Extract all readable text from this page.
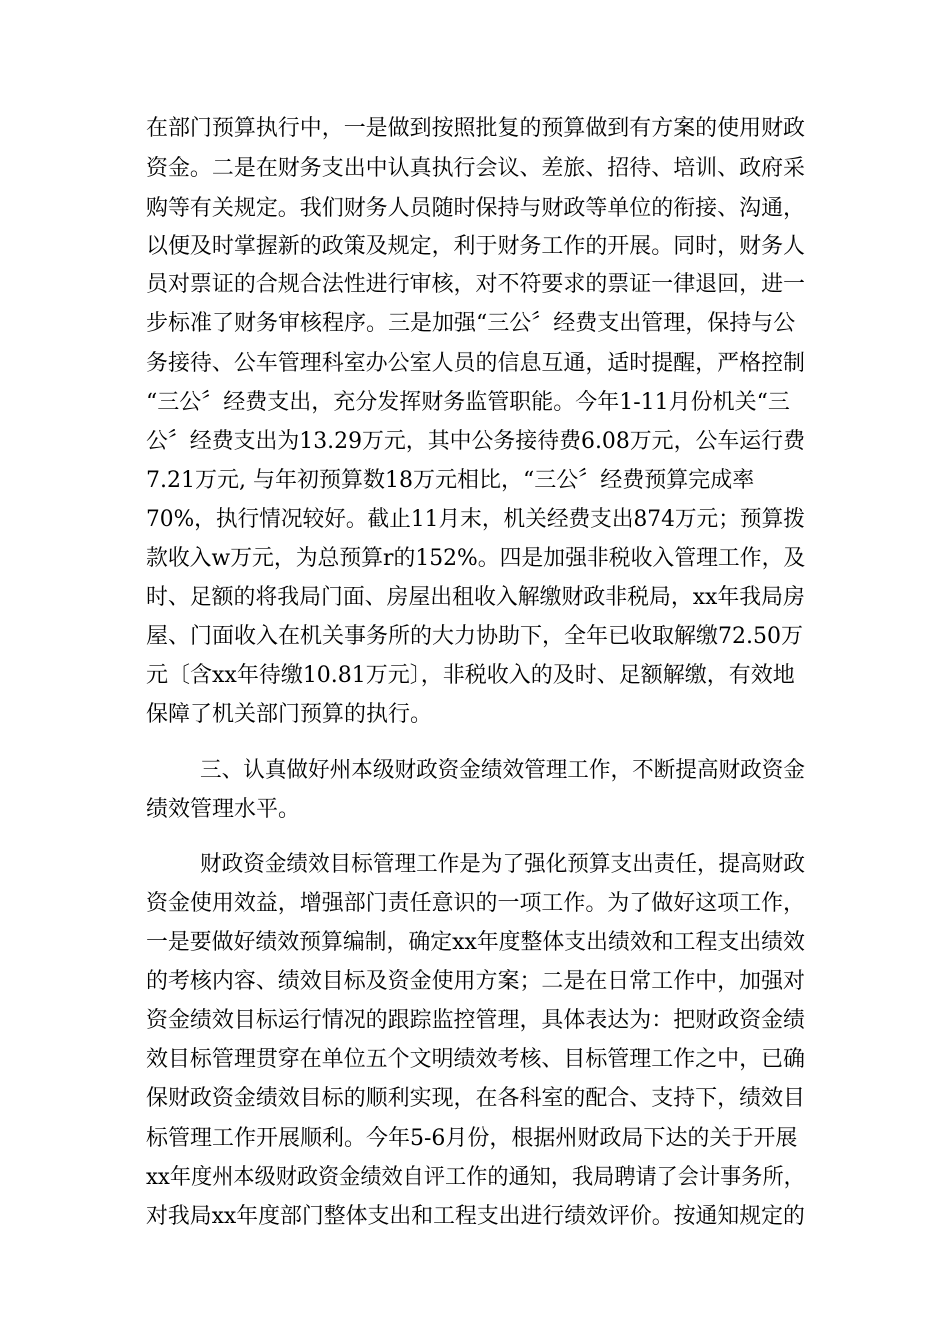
在部门预算执行中，一是做到按照批复的预算做到有方案的使用财政
资金。二是在财务支出中认真执行会议、差旅、招待、培训、政府采
购等有关规定。我们财务人员随时保持与财政等单位的衔接、沟通，
以便及时掌握新的政策及规定，利于财务工作的开展。同时，财务人
员对票证的合规合法性进行审核，对不符要求的票证一律退回，进一
步标准了财务审核程序。三是加强“三公〞经费支出管理，保持与公
务接待、公车管理科室办公室人员的信息互通，适时提醒，严格控制
“三公〞经费支出，充分发挥财务监管职能。今年1-11月份机关“三
公〞经费支出为13.29万元，其中公务接待费6.08万元，公车运行费
7.21万元, 与年初预算数18万元相比，“三公〞经费预算完成率
70%，执行情况较好。截止11月末，机关经费支出874万元；预算拨
款收入w万元，为总预算r的152%。四是加强非税收入管理工作，及
时、足额的将我局门面、房屋出租收入解缴财政非税局，xx年我局房
屋、门面收入在机关事务所的大力协助下，全年已收取解缴72.50万
元〔含xx年待缴10.81万元〕，非税收入的及时、足额解缴，有效地
保障了机关部门预算的执行。
三、认真做好州本级财政资金绩效管理工作，不断提高财政资金
绩效管理水平。
财政资金绩效目标管理工作是为了强化预算支出责任，提高财政
资金使用效益，增强部门责任意识的一项工作。为了做好这项工作，
一是要做好绩效预算编制，确定xx年度整体支出绩效和工程支出绩效
的考核内容、绩效目标及资金使用方案；二是在日常工作中，加强对
资金绩效目标运行情况的跟踪监控管理，具体表达为：把财政资金绩
效目标管理贯穿在单位五个文明绩效考核、目标管理工作之中，已确
保财政资金绩效目标的顺利实现，在各科室的配合、支持下，绩效目
标管理工作开展顺利。今年5-6月份，根据州财政局下达的关于开展
xx年度州本级财政资金绩效自评工作的通知，我局聘请了会计事务所，
对我局xx年度部门整体支出和工程支出进行绩效评价。按通知规定的
